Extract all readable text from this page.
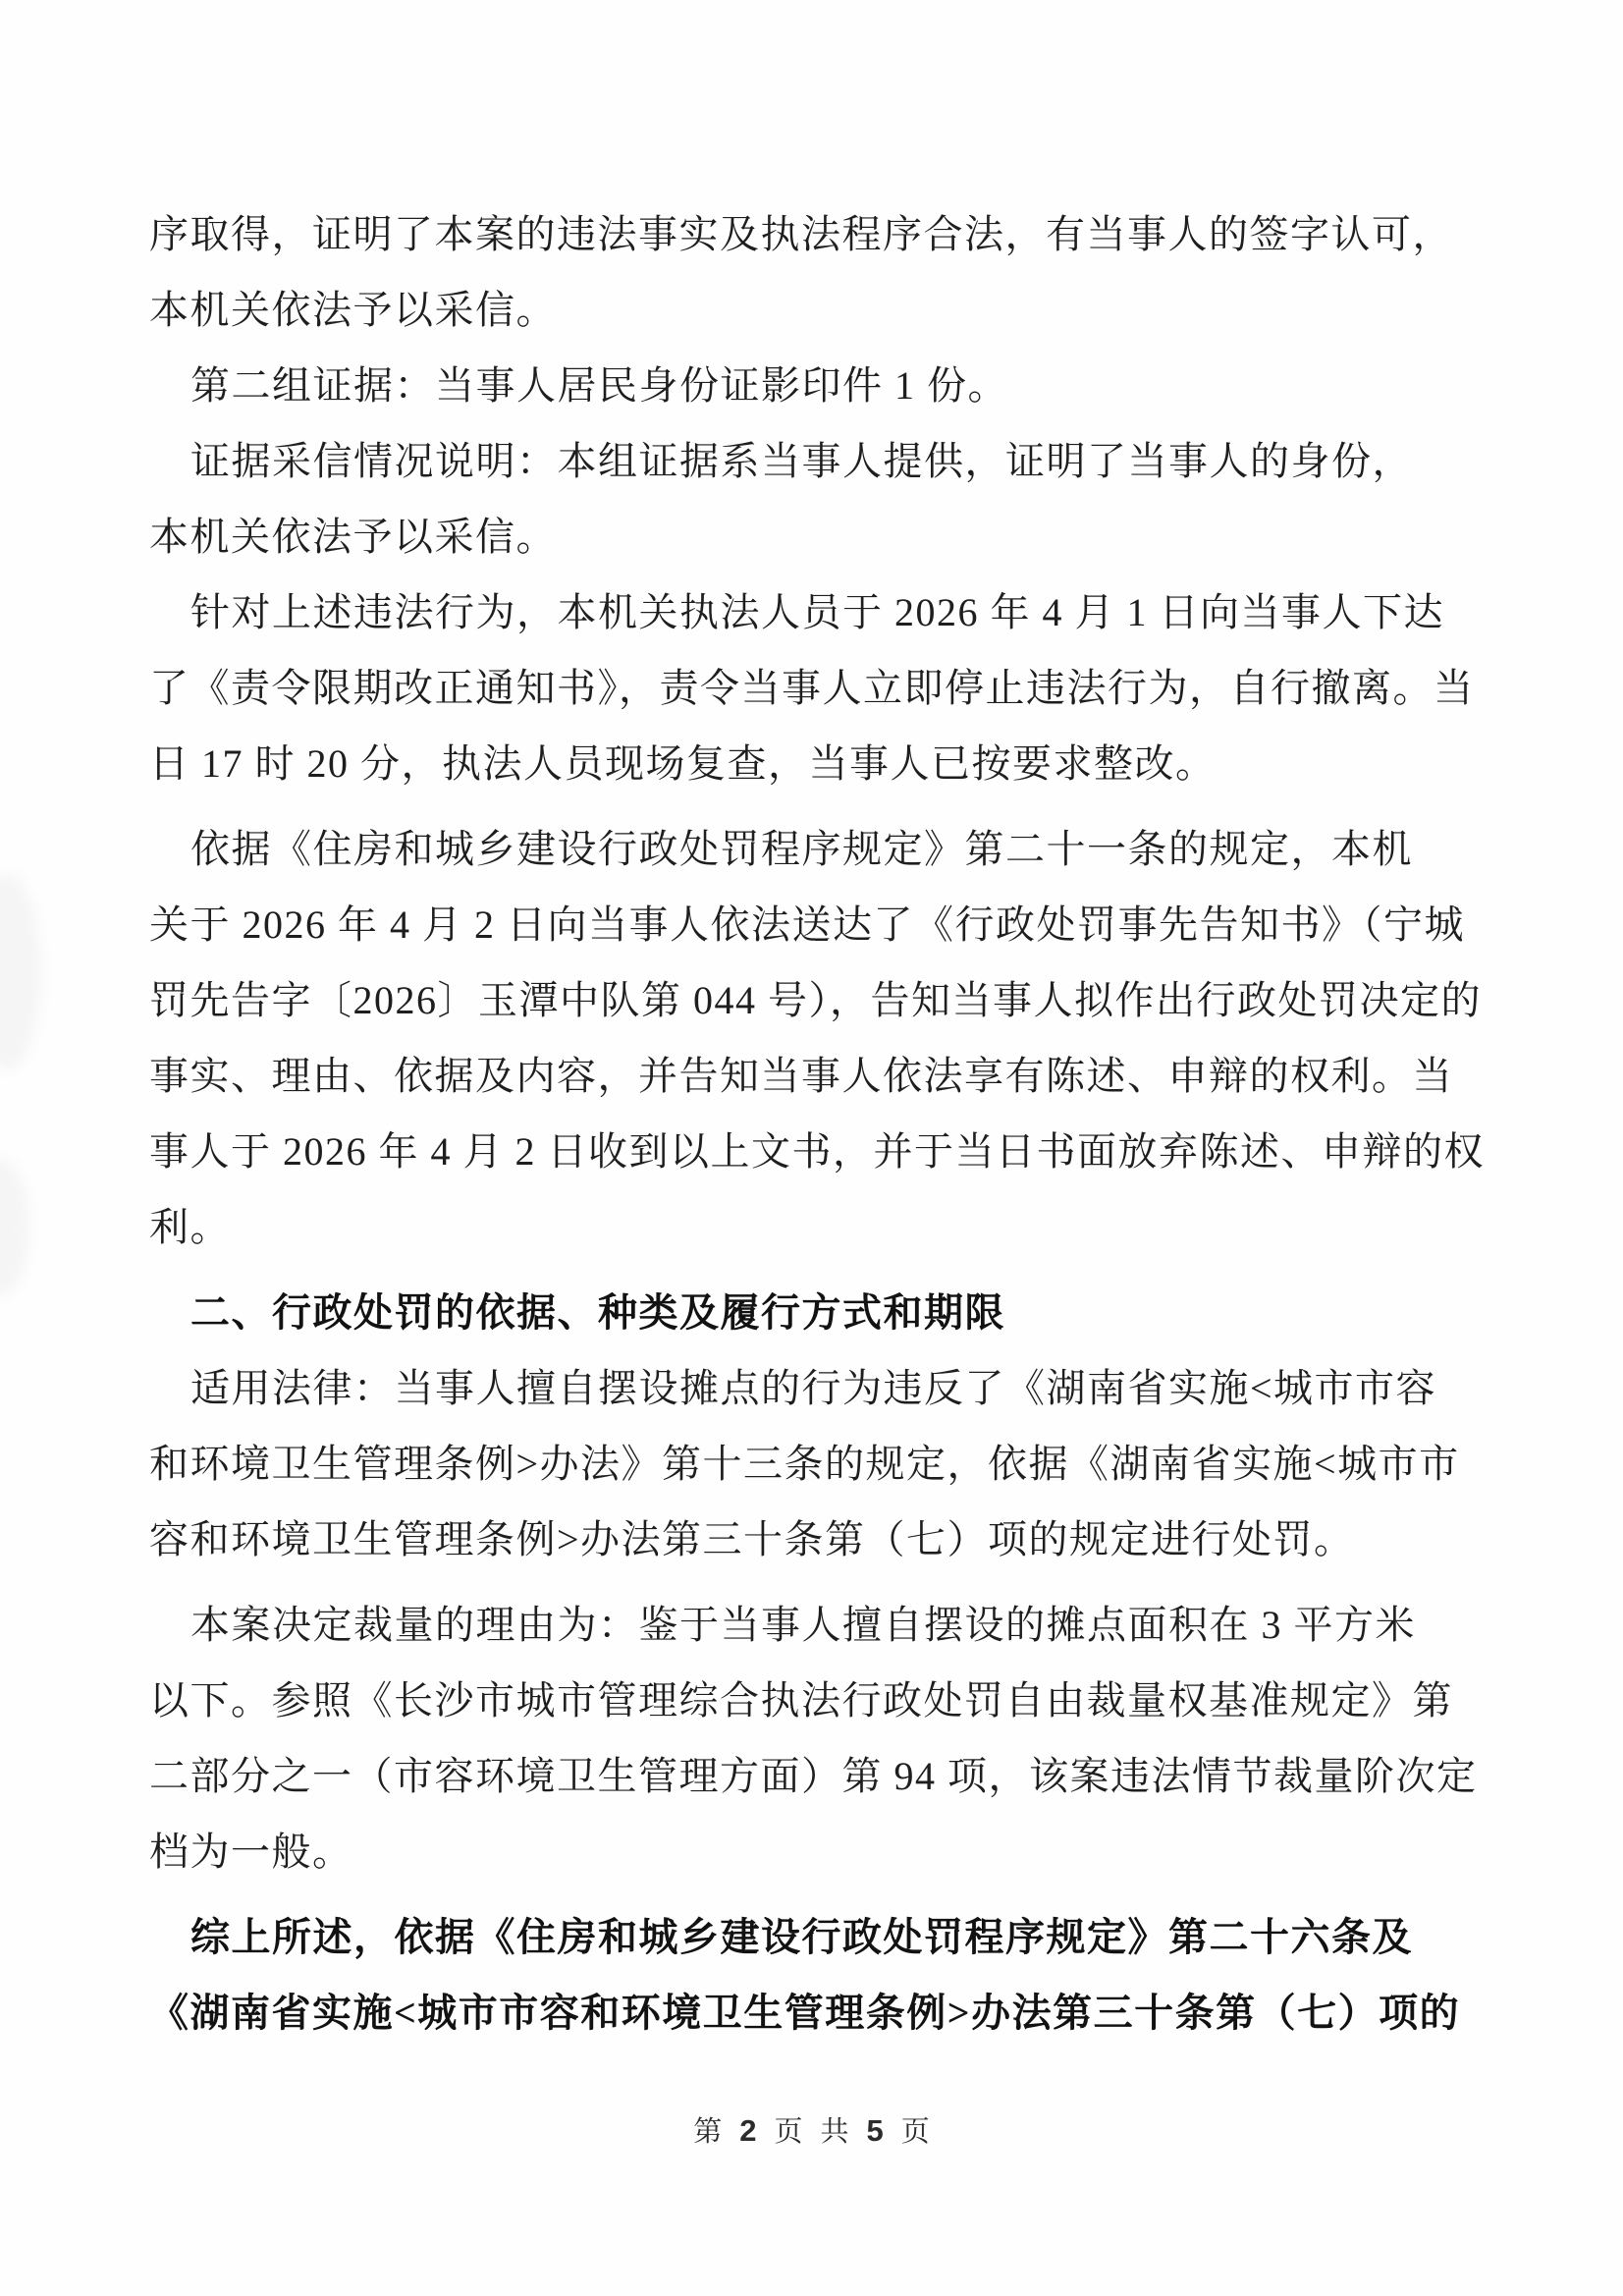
序取得，证明了本案的违法事实及执法程序合法，有当事人的签字认可，
本机关依法予以采信。
第二组证据：当事人居民身份证影印件 1 份。
证据采信情况说明：本组证据系当事人提供，证明了当事人的身份，
本机关依法予以采信。
针对上述违法行为，本机关执法人员于 2026 年 4 月 1 日向当事人下达
了《责令限期改正通知书》，责令当事人立即停止违法行为，自行撤离。当
日 17 时 20 分，执法人员现场复查，当事人已按要求整改。
依据《住房和城乡建设行政处罚程序规定》第二十一条的规定，本机
关于 2026 年 4 月 2 日向当事人依法送达了《行政处罚事先告知书》（宁城
罚先告字〔2026〕玉潭中队第 044 号），告知当事人拟作出行政处罚决定的
事实、理由、依据及内容，并告知当事人依法享有陈述、申辩的权利。当
事人于 2026 年 4 月 2 日收到以上文书，并于当日书面放弃陈述、申辩的权
利。
二、行政处罚的依据、种类及履行方式和期限
适用法律：当事人擅自摆设摊点的行为违反了《湖南省实施<城市市容
和环境卫生管理条例>办法》第十三条的规定，依据《湖南省实施<城市市
容和环境卫生管理条例>办法第三十条第（七）项的规定进行处罚。
本案决定裁量的理由为：鉴于当事人擅自摆设的摊点面积在 3 平方米
以下。参照《长沙市城市管理综合执法行政处罚自由裁量权基准规定》第
二部分之一（市容环境卫生管理方面）第 94 项，该案违法情节裁量阶次定
档为一般。
综上所述，依据《住房和城乡建设行政处罚程序规定》第二十六条及
《湖南省实施<城市市容和环境卫生管理条例>办法第三十条第（七）项的
第 2 页 共 5 页
